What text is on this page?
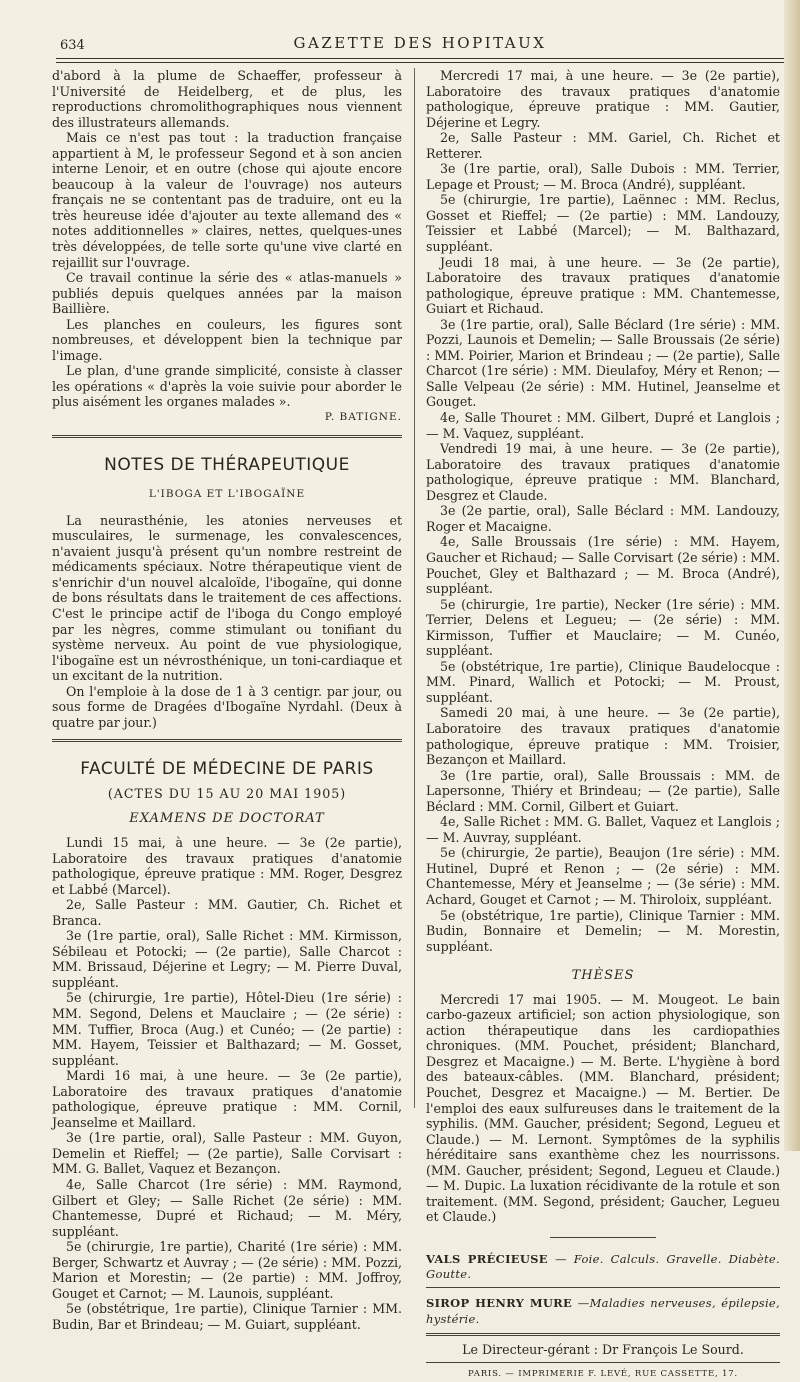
634	GAZETTE DES HOPITAUX

d'abord à la plume de Schaeffer, professeur à l'Université de Heidelberg, et de plus, les reproductions chromolithographiques nous viennent des illustrateurs allemands.

Mais ce n'est pas tout : la traduction française appartient à M, le professeur Segond et à son ancien interne Lenoir, et en outre (chose qui ajoute encore beaucoup à la valeur de l'ouvrage) nos auteurs français ne se contentant pas de traduire, ont eu la très heureuse idée d'ajouter au texte allemand des « notes additionnelles » claires, nettes, quelques-unes très développées, de telle sorte qu'une vive clarté en rejaillit sur l'ouvrage.

Ce travail continue la série des « atlas-manuels » publiés depuis quelques années par la maison Baillière.

Les planches en couleurs, les figures sont nombreuses, et développent bien la technique par l'image.

Le plan, d'une grande simplicité, consiste à classer les opérations « d'après la voie suivie pour aborder le plus aisément les organes malades ».

P. BATIGNE.

NOTES DE THÉRAPEUTIQUE
L'IBOGA ET L'IBOGAÏNE

La neurasthénie, les atonies nerveuses et musculaires, le surmenage, les convalescences, n'avaient jusqu'à présent qu'un nombre restreint de médicaments spéciaux. Notre thérapeutique vient de s'enrichir d'un nouvel alcaloïde, l'ibogaïne, qui donne de bons résultats dans le traitement de ces affections. C'est le principe actif de l'iboga du Congo employé par les nègres, comme stimulant ou tonifiant du système nerveux. Au point de vue physiologique, l'ibogaïne est un névrosthénique, un toni-cardiaque et un excitant de la nutrition.

On l'emploie à la dose de 1 à 3 centigr. par jour, ou sous forme de Dragées d'Ibogaïne Nyrdahl. (Deux à quatre par jour.)

FACULTÉ DE MÉDECINE DE PARIS
(ACTES DU 15 AU 20 MAI 1905)
EXAMENS DE DOCTORAT

Lundi 15 mai, à une heure. — 3e (2e partie), Laboratoire des travaux pratiques d'anatomie pathologique, épreuve pratique : MM. Roger, Desgrez et Labbé (Marcel).

2e, Salle Pasteur : MM. Gautier, Ch. Richet et Branca.

3e (1re partie, oral), Salle Richet : MM. Kirmisson, Sébileau et Potocki; — (2e partie), Salle Charcot : MM. Brissaud, Déjerine et Legry; — M. Pierre Duval, suppléant.

5e (chirurgie, 1re partie), Hôtel-Dieu (1re série) : MM. Segond, Delens et Mauclaire ; — (2e série) : MM. Tuffier, Broca (Aug.) et Cunéo; — (2e partie) : MM. Hayem, Teissier et Balthazard; — M. Gosset, suppléant.

Mardi 16 mai, à une heure. — 3e (2e partie), Laboratoire des travaux pratiques d'anatomie pathologique, épreuve pratique : MM. Cornil, Jeanselme et Maillard.

3e (1re partie, oral), Salle Pasteur : MM. Guyon, Demelin et Rieffel; — (2e partie), Salle Corvisart : MM. G. Ballet, Vaquez et Bezançon.

4e, Salle Charcot (1re série) : MM. Raymond, Gilbert et Gley; — Salle Richet (2e série) : MM. Chantemesse, Dupré et Richaud; — M. Méry, suppléant.

5e (chirurgie, 1re partie), Charité (1re série) : MM. Berger, Schwartz et Auvray ; — (2e série) : MM. Pozzi, Marion et Morestin; — (2e partie) : MM. Joffroy, Gouget et Carnot; — M. Launois, suppléant.

5e (obstétrique, 1re partie), Clinique Tarnier : MM. Budin, Bar et Brindeau; — M. Guiart, suppléant.

Mercredi 17 mai, à une heure. — 3e (2e partie), Laboratoire des travaux pratiques d'anatomie pathologique, épreuve pratique : MM. Gautier, Déjerine et Legry.

2e, Salle Pasteur : MM. Gariel, Ch. Richet et Retterer.

3e (1re partie, oral), Salle Dubois : MM. Terrier, Lepage et Proust; — M. Broca (André), suppléant.

5e (chirurgie, 1re partie), Laënnec : MM. Reclus, Gosset et Rieffel; — (2e partie) : MM. Landouzy, Teissier et Labbé (Marcel); — M. Balthazard, suppléant.

Jeudi 18 mai, à une heure. — 3e (2e partie), Laboratoire des travaux pratiques d'anatomie pathologique, épreuve pratique : MM. Chantemesse, Guiart et Richaud.

3e (1re partie, oral), Salle Béclard (1re série) : MM. Pozzi, Launois et Demelin; — Salle Broussais (2e série) : MM. Poirier, Marion et Brindeau ; — (2e partie), Salle Charcot (1re série) : MM. Dieulafoy, Méry et Renon; — Salle Velpeau (2e série) : MM. Hutinel, Jeanselme et Gouget.

4e, Salle Thouret : MM. Gilbert, Dupré et Langlois ; — M. Vaquez, suppléant.

Vendredi 19 mai, à une heure. — 3e (2e partie), Laboratoire des travaux pratiques d'anatomie pathologique, épreuve pratique : MM. Blanchard, Desgrez et Claude.

3e (2e partie, oral), Salle Béclard : MM. Landouzy, Roger et Macaigne.

4e, Salle Broussais (1re série) : MM. Hayem, Gaucher et Richaud; — Salle Corvisart (2e série) : MM. Pouchet, Gley et Balthazard ; — M. Broca (André), suppléant.

5e (chirurgie, 1re partie), Necker (1re série) : MM. Terrier, Delens et Legueu; — (2e série) : MM. Kirmisson, Tuffier et Mauclaire; — M. Cunéo, suppléant.

5e (obstétrique, 1re partie), Clinique Baudelocque : MM. Pinard, Wallich et Potocki; — M. Proust, suppléant.

Samedi 20 mai, à une heure. — 3e (2e partie), Laboratoire des travaux pratiques d'anatomie pathologique, épreuve pratique : MM. Troisier, Bezançon et Maillard.

3e (1re partie, oral), Salle Broussais : MM. de Lapersonne, Thiéry et Brindeau; — (2e partie), Salle Béclard : MM. Cornil, Gilbert et Guiart.

4e, Salle Richet : MM. G. Ballet, Vaquez et Langlois ; — M. Auvray, suppléant.

5e (chirurgie, 2e partie), Beaujon (1re série) : MM. Hutinel, Dupré et Renon ; — (2e série) : MM. Chantemesse, Méry et Jeanselme ; — (3e série) : MM. Achard, Gouget et Carnot ; — M. Thiroloix, suppléant.

5e (obstétrique, 1re partie), Clinique Tarnier : MM. Budin, Bonnaire et Demelin; — M. Morestin, suppléant.

THÈSES

Mercredi 17 mai 1905. — M. Mougeot. Le bain carbo-gazeux artificiel; son action physiologique, son action thérapeutique dans les cardiopathies chroniques. (MM. Pouchet, président; Blanchard, Desgrez et Macaigne.) — M. Berte. L'hygiène à bord des bateaux-câbles. (MM. Blanchard, président; Pouchet, Desgrez et Macaigne.) — M. Bertier. De l'emploi des eaux sulfureuses dans le traitement de la syphilis. (MM. Gaucher, président; Segond, Legueu et Claude.) — M. Lernont. Symptômes de la syphilis héréditaire sans exanthème chez les nourrissons. (MM. Gaucher, président; Segond, Legueu et Claude.) — M. Dupic. La luxation récidivante de la rotule et son traitement. (MM. Segond, président; Gaucher, Legueu et Claude.)

VALS PRÉCIEUSE — Foie. Calculs. Gravelle. Diabète. Goutte.
SIROP HENRY MURE —Maladies nerveuses, épilepsie, hystérie.
Le Directeur-gérant : Dr François Le Sourd.
PARIS. — IMPRIMERIE F. LEVÉ, RUE CASSETTE, 17.
